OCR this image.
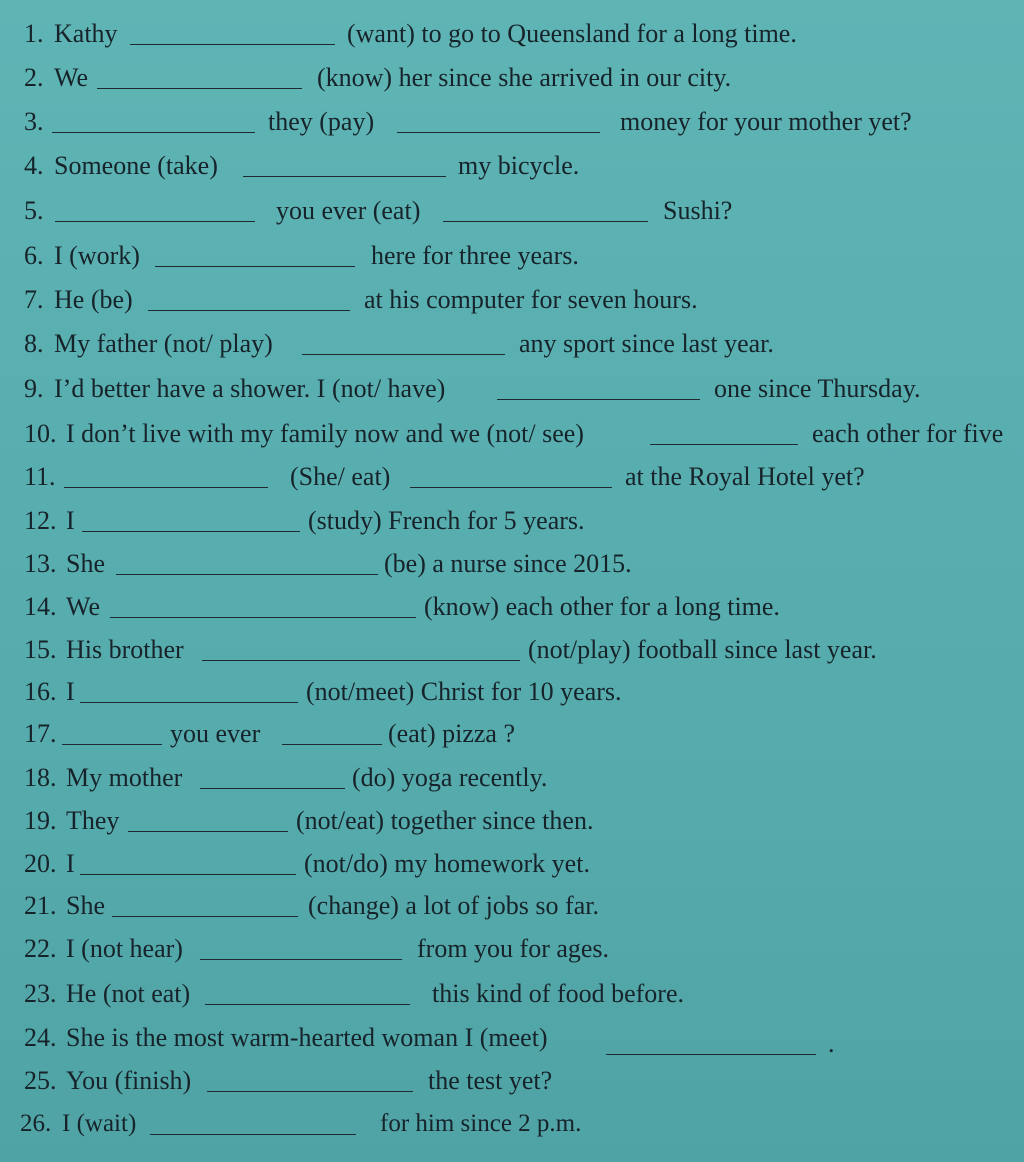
1. Kathy	(want) to go to Queensland for a long time.
2. We	(know) her since she arrived in our city.
3.	they (pay)	money for your mother yet?
4. Someone (take)	my bicycle.
5.	you ever (eat)	Sushi?
6. I (work)	here for three years.
7. He (be)	at his computer for seven hours.
8. My father (not/ play)	any sport since last year.
9. I’d better have a shower. I (not/ have)	one since Thursday.
10. I don’t live with my family now and we (not/ see)	each other for five
11.	(She/ eat)	at the Royal Hotel yet?
12. I	(study) French for 5 years.
13. She	(be) a nurse since 2015.
14. We	(know) each other for a long time.
15. His brother	(not/play) football since last year.
16. I	(not/meet) Christ for 10 years.
17.	you ever	(eat) pizza ?
18. My mother	(do) yoga recently.
19. They	(not/eat) together since then.
20. I	(not/do) my homework yet.
21. She	(change) a lot of jobs so far.
22. I (not hear)	from you for ages.
23. He (not eat)	this kind of food before.
24. She is the most warm-hearted woman I (meet)	.
25. You (finish)	the test yet?
26. I (wait)	for him since 2 p.m.
